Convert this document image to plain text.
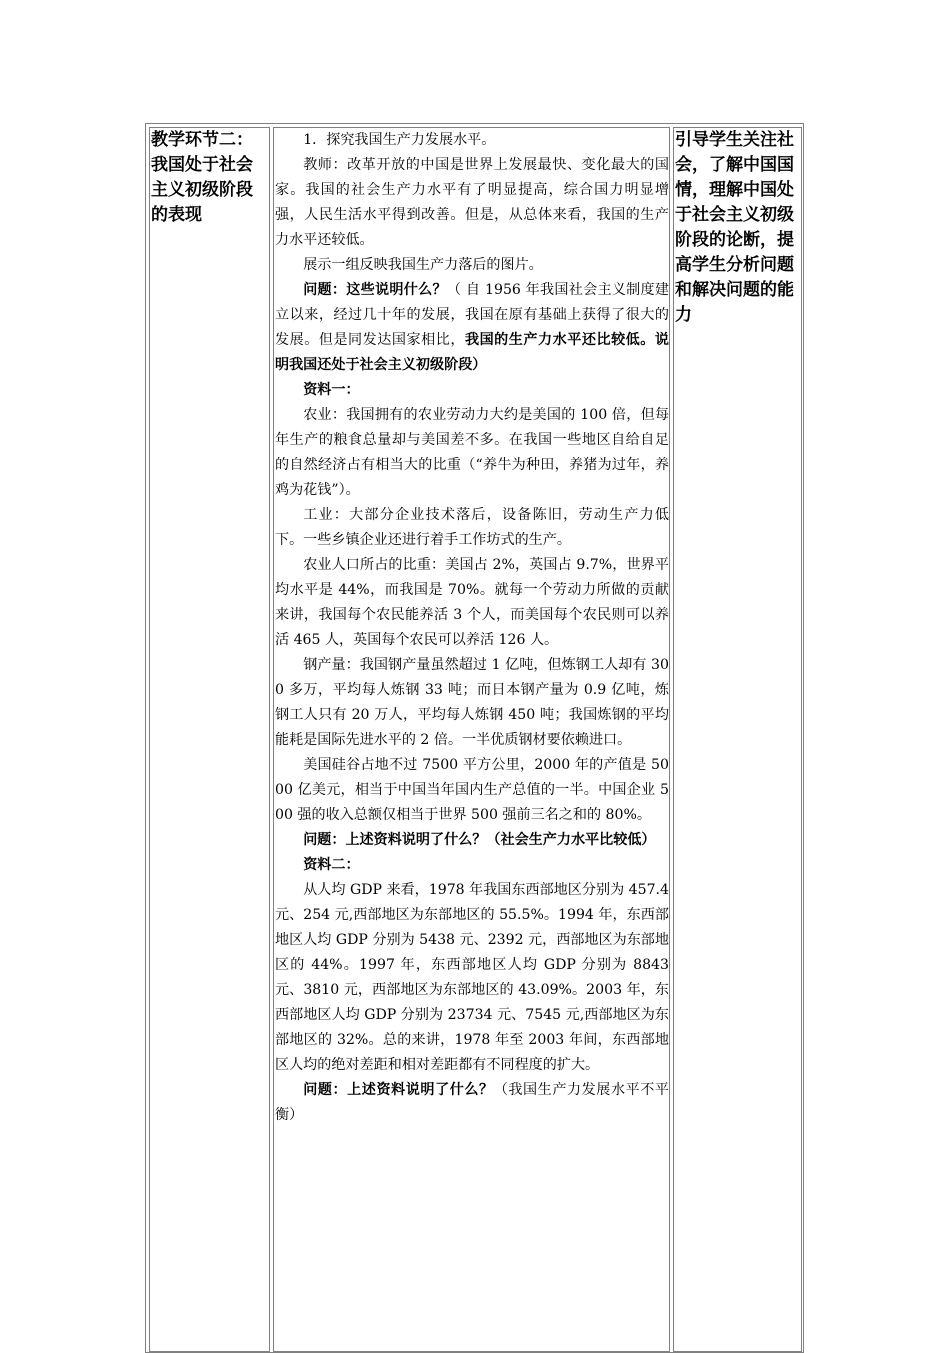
教学环节二：我国处于社会主义初级阶段的表现

1．探究我国生产力发展水平。

教师：改革开放的中国是世界上发展最快、变化最大的国家。我国的社会生产力水平有了明显提高，综合国力明显增强，人民生活水平得到改善。但是，从总体来看，我国的生产力水平还较低。

展示一组反映我国生产力落后的图片。

问题：这些说明什么？（ 自 1956 年我国社会主义制度建立以来，经过几十年的发展，我国在原有基础上获得了很大的发展。但是同发达国家相比，我国的生产力水平还比较低。说明我国还处于社会主义初级阶段）

资料一：

农业：我国拥有的农业劳动力大约是美国的 100 倍，但每年生产的粮食总量却与美国差不多。在我国一些地区自给自足的自然经济占有相当大的比重（“养牛为种田，养猪为过年，养鸡为花钱”）。

工业：大部分企业技术落后，设备陈旧，劳动生产力低下。一些乡镇企业还进行着手工作坊式的生产。

农业人口所占的比重：美国占 2%，英国占 9.7%，世界平均水平是 44%，而我国是 70%。就每一个劳动力所做的贡献来讲，我国每个农民能养活 3 个人，而美国每个农民则可以养活 465 人，英国每个农民可以养活 126 人。

钢产量：我国钢产量虽然超过 1 亿吨，但炼钢工人却有 300 多万，平均每人炼钢 33 吨；而日本钢产量为 0.9 亿吨，炼钢工人只有 20 万人，平均每人炼钢 450 吨；我国炼钢的平均能耗是国际先进水平的 2 倍。一半优质钢材要依赖进口。

美国硅谷占地不过 7500 平方公里，2000 年的产值是 5000 亿美元，相当于中国当年国内生产总值的一半。中国企业 500 强的收入总额仅相当于世界 500 强前三名之和的 80%。

问题：上述资料说明了什么？（社会生产力水平比较低）

资料二：

从人均 GDP 来看，1978 年我国东西部地区分别为 457.4 元、254 元,西部地区为东部地区的 55.5%。1994 年，东西部地区人均 GDP 分别为 5438 元、2392 元，西部地区为东部地区的 44%。1997 年，东西部地区人均 GDP 分别为 8843 元、3810 元，西部地区为东部地区的 43.09%。2003 年，东西部地区人均 GDP 分别为 23734 元、7545 元,西部地区为东部地区的 32%。总的来讲，1978 年至 2003 年间，东西部地区人均的绝对差距和相对差距都有不同程度的扩大。

问题：上述资料说明了什么？（我国生产力发展水平不平衡）

引导学生关注社会，了解中国国情，理解中国处于社会主义初级阶段的论断，提高学生分析问题和解决问题的能力
